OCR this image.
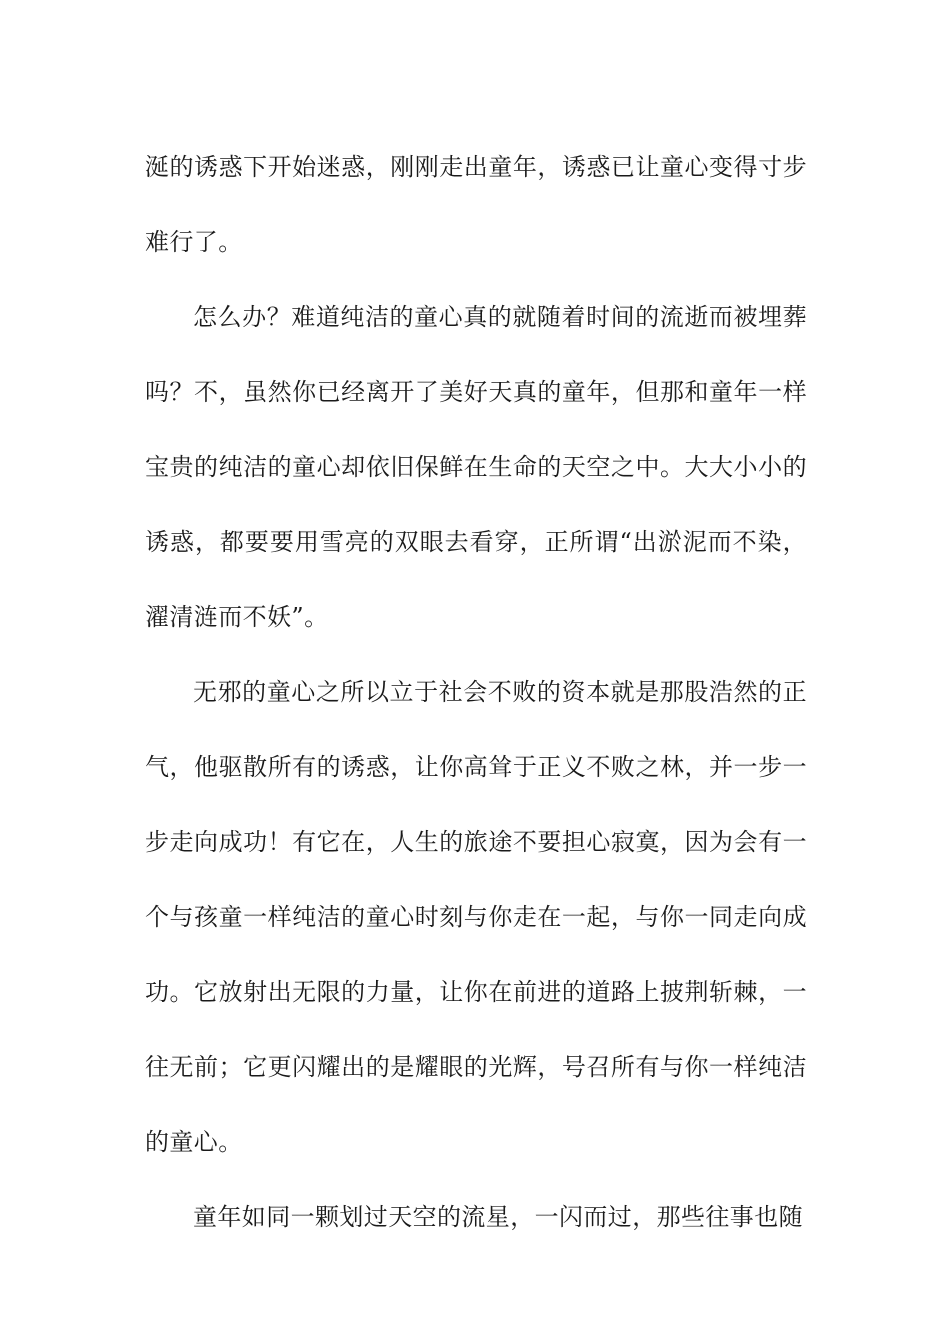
涎的诱惑下开始迷惑，刚刚走出童年，诱惑已让童心变得寸步难行了。

怎么办？难道纯洁的童心真的就随着时间的流逝而被埋葬吗？不，虽然你已经离开了美好天真的童年，但那和童年一样宝贵的纯洁的童心却依旧保鲜在生命的天空之中。大大小小的诱惑，都要要用雪亮的双眼去看穿，正所谓“出淤泥而不染，濯清涟而不妖”。

无邪的童心之所以立于社会不败的资本就是那股浩然的正气，他驱散所有的诱惑，让你高耸于正义不败之林，并一步一步走向成功！有它在，人生的旅途不要担心寂寞，因为会有一个与孩童一样纯洁的童心时刻与你走在一起，与你一同走向成功。它放射出无限的力量，让你在前进的道路上披荆斩棘，一往无前；它更闪耀出的是耀眼的光辉，号召所有与你一样纯洁的童心。

童年如同一颗划过天空的流星，一闪而过，那些往事也随
